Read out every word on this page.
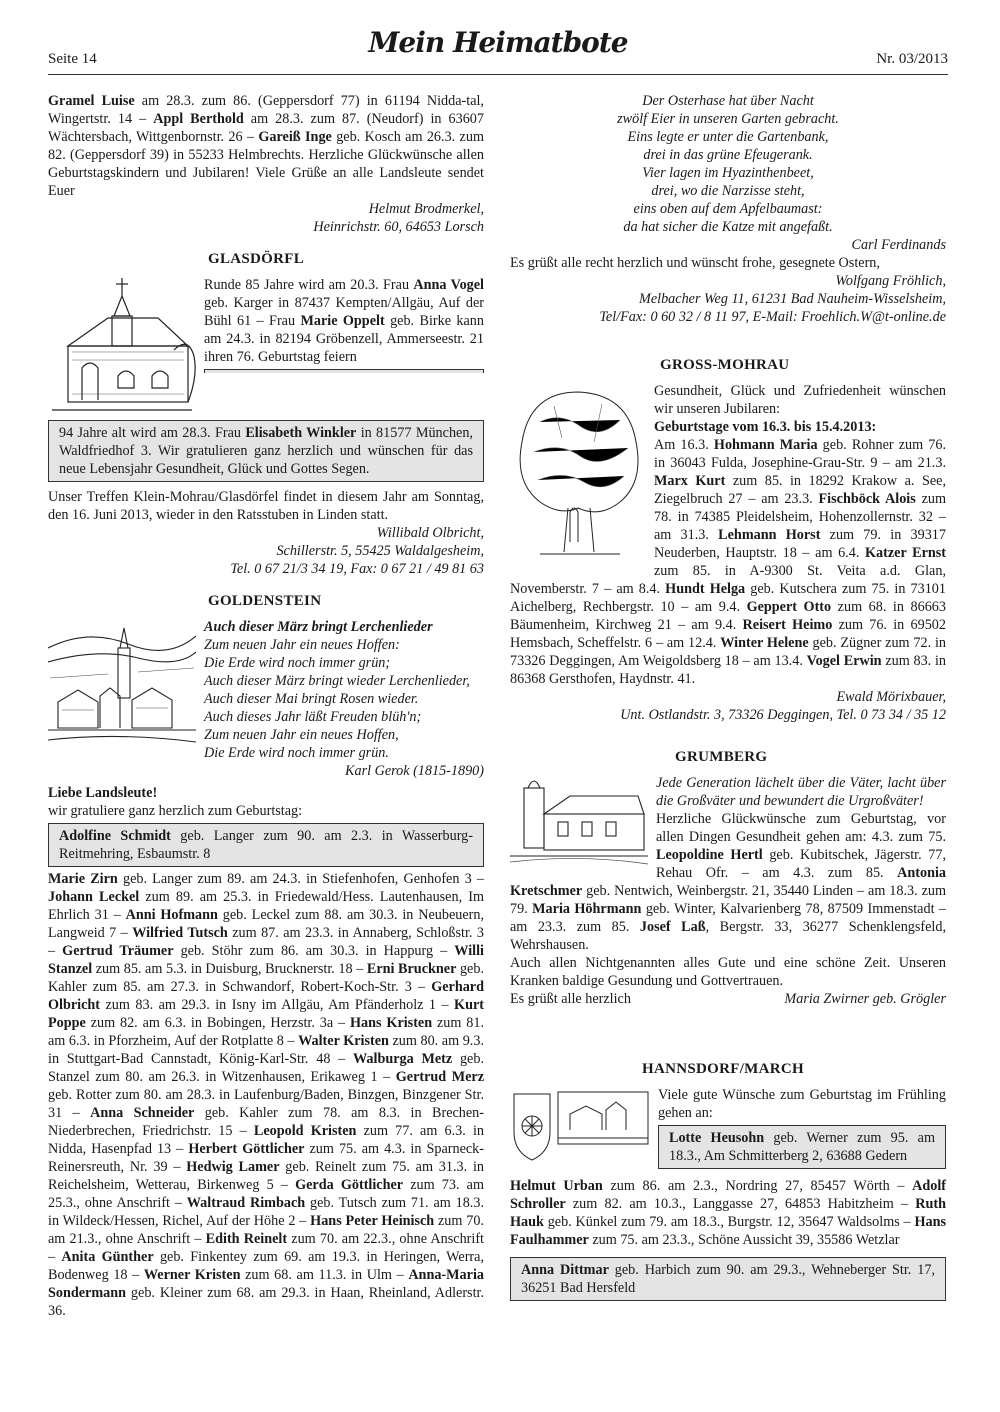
Seite 14	Mein Heimatbote	Nr. 03/2013

Gramel Luise am 28.3. zum 86. (Geppersdorf 77) in 61194 Nidda-tal, Wingertstr. 14 – Appl Berthold am 28.3. zum 87. (Neudorf) in 63607 Wächtersbach, Wittgenbornstr. 26 – Gareiß Inge geb. Kosch am 26.3. zum 82. (Geppersdorf 39) in 55233 Helmbrechts. Herzliche Glückwünsche allen Geburtstagskindern und Jubilaren! Viele Grüße an alle Landsleute sendet Euer

Helmut Brodmerkel,

Heinrichstr. 60, 64653 Lorsch

GLASDÖRFL

Runde 85 Jahre wird am 20.3. Frau Anna Vogel geb. Karger in 87437 Kempten/Allgäu, Auf der Bühl 61 – Frau Marie Oppelt geb. Birke kann am 24.3. in 82194 Gröbenzell, Ammerseestr. 21 ihren 76. Geburtstag feiern

94 Jahre alt wird am 28.3. Frau Elisabeth Winkler in 81577 München, Waldfriedhof 3. Wir gratulieren ganz herzlich und wünschen für das neue Lebensjahr Gesundheit, Glück und Gottes Segen.

Unser Treffen Klein-Mohrau/Glasdörfel findet in diesem Jahr am Sonntag, den 16. Juni 2013, wieder in den Ratsstuben in Linden statt.

Willibald Olbricht,

Schillerstr. 5, 55425 Waldalgesheim,

Tel. 0 67 21/3 34 19, Fax: 0 67 21 / 49 81 63

GOLDENSTEIN

Auch dieser März bringt Lerchenlieder

Zum neuen Jahr ein neues Hoffen:
Die Erde wird noch immer grün;
Auch dieser März bringt wieder Lerchenlieder,
Auch dieser Mai bringt Rosen wieder.
Auch dieses Jahr läßt Freuden blüh'n;
Zum neuen Jahr ein neues Hoffen,
Die Erde wird noch immer grün.

Karl Gerok (1815-1890)

Liebe Landsleute!

wir gratuliere ganz herzlich zum Geburtstag:

Adolfine Schmidt geb. Langer zum 90. am 2.3. in Wasserburg-Reitmehring, Esbaumstr. 8

Marie Zirn geb. Langer zum 89. am 24.3. in Stiefenhofen, Genhofen 3 – Johann Leckel zum 89. am 25.3. in Friedewald/Hess. Lautenhausen, Im Ehrlich 31 – Anni Hofmann geb. Leckel zum 88. am 30.3. in Neubeuern, Langweid 7 – Wilfried Tutsch zum 87. am 23.3. in Annaberg, Schloßstr. 3 – Gertrud Träumer geb. Stöhr zum 86. am 30.3. in Happurg – Willi Stanzel zum 85. am 5.3. in Duisburg, Brucknerstr. 18 – Erni Bruckner geb. Kahler zum 85. am 27.3. in Schwandorf, Robert-Koch-Str. 3 – Gerhard Olbricht zum 83. am 29.3. in Isny im Allgäu, Am Pfänderholz 1 – Kurt Poppe zum 82. am 6.3. in Bobingen, Herzstr. 3a – Hans Kristen zum 81. am 6.3. in Pforzheim, Auf der Rotplatte 8 – Walter Kristen zum 80. am 9.3. in Stuttgart-Bad Cannstadt, König-Karl-Str. 48 – Walburga Metz geb. Stanzel zum 80. am 26.3. in Witzenhausen, Erikaweg 1 – Gertrud Merz geb. Rotter zum 80. am 28.3. in Laufenburg/Baden, Binzgen, Binzgener Str. 31 – Anna Schneider geb. Kahler zum 78. am 8.3. in Brechen-Niederbrechen, Friedrichstr. 15 – Leopold Kristen zum 77. am 6.3. in Nidda, Hasenpfad 13 – Herbert Göttlicher zum 75. am 4.3. in Sparneck-Reinersreuth, Nr. 39 – Hedwig Lamer geb. Reinelt zum 75. am 31.3. in Reichelsheim, Wetterau, Birkenweg 5 – Gerda Göttlicher zum 73. am 25.3., ohne Anschrift – Waltraud Rimbach geb. Tutsch zum 71. am 18.3. in Wildeck/Hessen, Richel, Auf der Höhe 2 – Hans Peter Heinisch zum 70. am 21.3., ohne Anschrift – Edith Reinelt zum 70. am 22.3., ohne Anschrift – Anita Günther geb. Finkentey zum 69. am 19.3. in Heringen, Werra, Bodenweg 18 – Werner Kristen zum 68. am 11.3. in Ulm – Anna-Maria Sondermann geb. Kleiner zum 68. am 29.3. in Haan, Rheinland, Adlerstr. 36.

Der Osterhase hat über Nacht
zwölf Eier in unseren Garten gebracht.
Eins legte er unter die Gartenbank,
drei in das grüne Efeugerank.
Vier lagen im Hyazinthenbeet,
drei, wo die Narzisse steht,
eins oben auf dem Apfelbaumast:
da hat sicher die Katze mit angefaßt.

Carl Ferdinands

Es grüßt alle recht herzlich und wünscht frohe, gesegnete Ostern,

Wolfgang Fröhlich,

Melbacher Weg 11, 61231 Bad Nauheim-Wisselsheim,

Tel/Fax: 0 60 32 / 8 11 97, E-Mail: Froehlich.W@t-online.de

GROSS-MOHRAU

Gesundheit, Glück und Zufriedenheit wünschen wir unseren Jubilaren:

Geburtstage vom 16.3. bis 15.4.2013:

Am 16.3. Hohmann Maria geb. Rohner zum 76. in 36043 Fulda, Josephine-Grau-Str. 9 – am 21.3. Marx Kurt zum 85. in 18292 Krakow a. See, Ziegelbruch 27 – am 23.3. Fischböck Alois zum 78. in 74385 Pleidelsheim, Hohenzollernstr. 32 – am 31.3. Lehmann Horst zum 79. in 39317 Neuderben, Hauptstr. 18 – am 6.4. Katzer Ernst zum 85. in A-9300 St. Veita a.d. Glan, Novemberstr. 7 – am 8.4. Hundt Helga geb. Kutschera zum 75. in 73101 Aichelberg, Rechbergstr. 10 – am 9.4. Geppert Otto zum 68. in 86663 Bäumenheim, Kirchweg 21 – am 9.4. Reisert Heimo zum 76. in 69502 Hemsbach, Scheffelstr. 6 – am 12.4. Winter Helene geb. Zügner zum 72. in 73326 Deggingen, Am Weigoldsberg 18 – am 13.4. Vogel Erwin zum 83. in 86368 Gersthofen, Haydnstr. 41.

Ewald Mörixbauer,

Unt. Ostlandstr. 3, 73326 Deggingen, Tel. 0 73 34 / 35 12

GRUMBERG

Jede Generation lächelt über die Väter, lacht über die Großväter und bewundert die Urgroßväter!

Herzliche Glückwünsche zum Geburtstag, vor allen Dingen Gesundheit gehen am: 4.3. zum 75. Leopoldine Hertl geb. Kubitschek, Jägerstr. 77, Rehau Ofr. – am 4.3. zum 85. Antonia Kretschmer geb. Nentwich, Weinbergstr. 21, 35440 Linden – am 18.3. zum 79. Maria Höhrmann geb. Winter, Kalvarienberg 78, 87509 Immenstadt – am 23.3. zum 85. Josef Laß, Bergstr. 33, 36277 Schenklengsfeld, Wehrshausen.

Auch allen Nichtgenannten alles Gute und eine schöne Zeit. Unseren Kranken baldige Gesundung und Gottvertrauen.

Es grüßt alle herzlich	Maria Zwirner geb. Grögler

HANNSDORF/MARCH

Viele gute Wünsche zum Geburtstag im Frühling gehen an:

Lotte Heusohn geb. Werner zum 95. am 18.3., Am Schmitterberg 2, 63688 Gedern

Helmut Urban zum 86. am 2.3., Nordring 27, 85457 Wörth – Adolf Schroller zum 82. am 10.3., Langgasse 27, 64853 Habitzheim – Ruth Hauk geb. Künkel zum 79. am 18.3., Burgstr. 12, 35647 Waldsolms – Hans Faulhammer zum 75. am 23.3., Schöne Aussicht 39, 35586 Wetzlar

Anna Dittmar geb. Harbich zum 90. am 29.3., Wehneberger Str. 17, 36251 Bad Hersfeld
